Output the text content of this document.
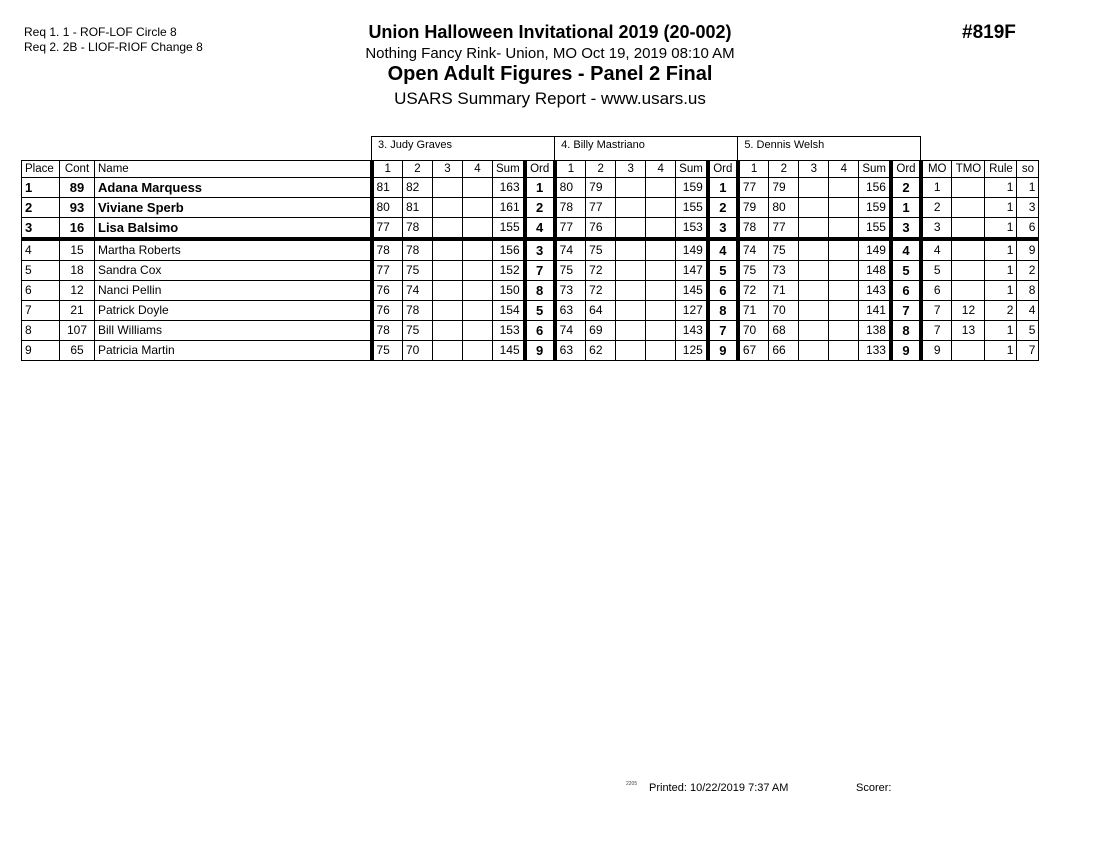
Req 1. 1 - ROF-LOF Circle 8
Req 2. 2B - LIOF-RIOF Change 8
Union Halloween Invitational 2019 (20-002)
Nothing Fancy Rink- Union, MO Oct 19, 2019 08:10 AM
Open Adult Figures - Panel 2 Final
USARS Summary Report - www.usars.us
#819F
			3. Judy Graves						4. Billy Mastriano						5. Dennis Welsh									
Place	Cont	Name	1	2	3	4	Sum	Ord	1	2	3	4	Sum	Ord	1	2	3	4	Sum	Ord	MO	TMO	Rule	so
1	89	Adana Marquess	81	82			163	1	80	79			159	1	77	79			156	2	1		1	1
2	93	Viviane Sperb	80	81			161	2	78	77			155	2	79	80			159	1	2		1	3
3	16	Lisa Balsimo	77	78			155	4	77	76			153	3	78	77			155	3	3		1	6
4	15	Martha Roberts	78	78			156	3	74	75			149	4	74	75			149	4	4		1	9
5	18	Sandra Cox	77	75			152	7	75	72			147	5	75	73			148	5	5		1	2
6	12	Nanci Pellin	76	74			150	8	73	72			145	6	72	71			143	6	6		1	8
7	21	Patrick Doyle	76	78			154	5	63	64			127	8	71	70			141	7	7	12	2	4
8	107	Bill Williams	78	75			153	6	74	69			143	7	70	68			138	8	7	13	1	5
9	65	Patricia Martin	75	70			145	9	63	62			125	9	67	66			133	9	9		1	7
2205 Printed: 10/22/2019 7:37 AM	Scorer:
